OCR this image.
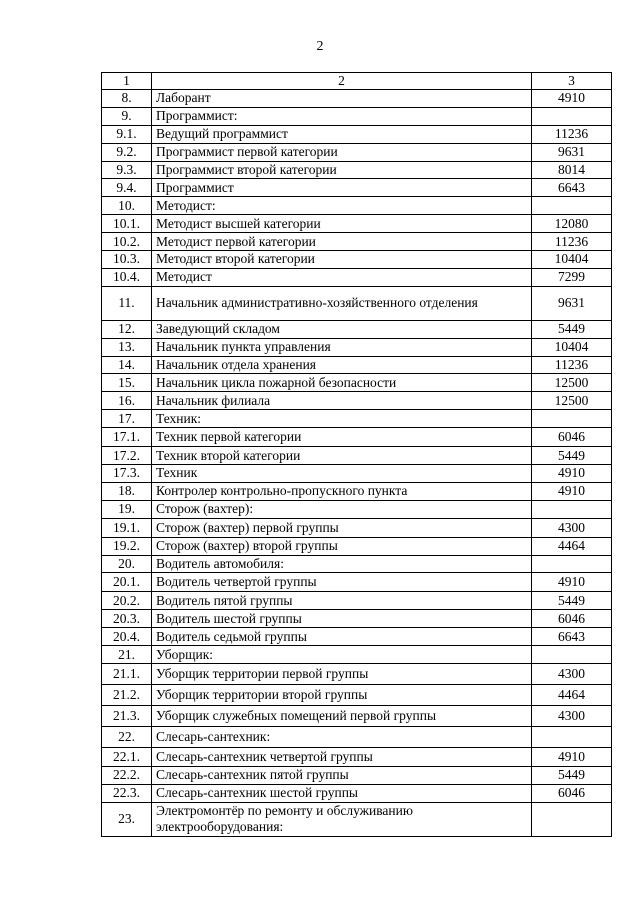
2
1	2	3
8.	Лаборант	4910
9.	Программист:	
9.1.	Ведущий программист	11236
9.2.	Программист первой категории	9631
9.3.	Программист второй категории	8014
9.4.	Программист	6643
10.	Методист:	
10.1.	Методист высшей категории	12080
10.2.	Методист первой категории	11236
10.3.	Методист второй категории	10404
10.4.	Методист	7299
11.	Начальник административно-хозяйственного отделения	9631
12.	Заведующий складом	5449
13.	Начальник пункта управления	10404
14.	Начальник отдела хранения	11236
15.	Начальник цикла пожарной безопасности	12500
16.	Начальник филиала	12500
17.	Техник:	
17.1.	Техник первой категории	6046
17.2.	Техник второй категории	5449
17.3.	Техник	4910
18.	Контролер контрольно-пропускного пункта	4910
19.	Сторож (вахтер):	
19.1.	Сторож (вахтер) первой группы	4300
19.2.	Сторож (вахтер) второй группы	4464
20.	Водитель автомобиля:	
20.1.	Водитель четвертой группы	4910
20.2.	Водитель пятой группы	5449
20.3.	Водитель шестой группы	6046
20.4.	Водитель седьмой группы	6643
21.	Уборщик:	
21.1.	Уборщик территории первой группы	4300
21.2.	Уборщик территории второй группы	4464
21.3.	Уборщик служебных помещений первой группы	4300
22.	Слесарь-сантехник:	
22.1.	Слесарь-сантехник четвертой группы	4910
22.2.	Слесарь-сантехник пятой группы	5449
22.3.	Слесарь-сантехник шестой группы	6046
23.	Электромонтёр по ремонту и обслуживанию электрооборудования:	
